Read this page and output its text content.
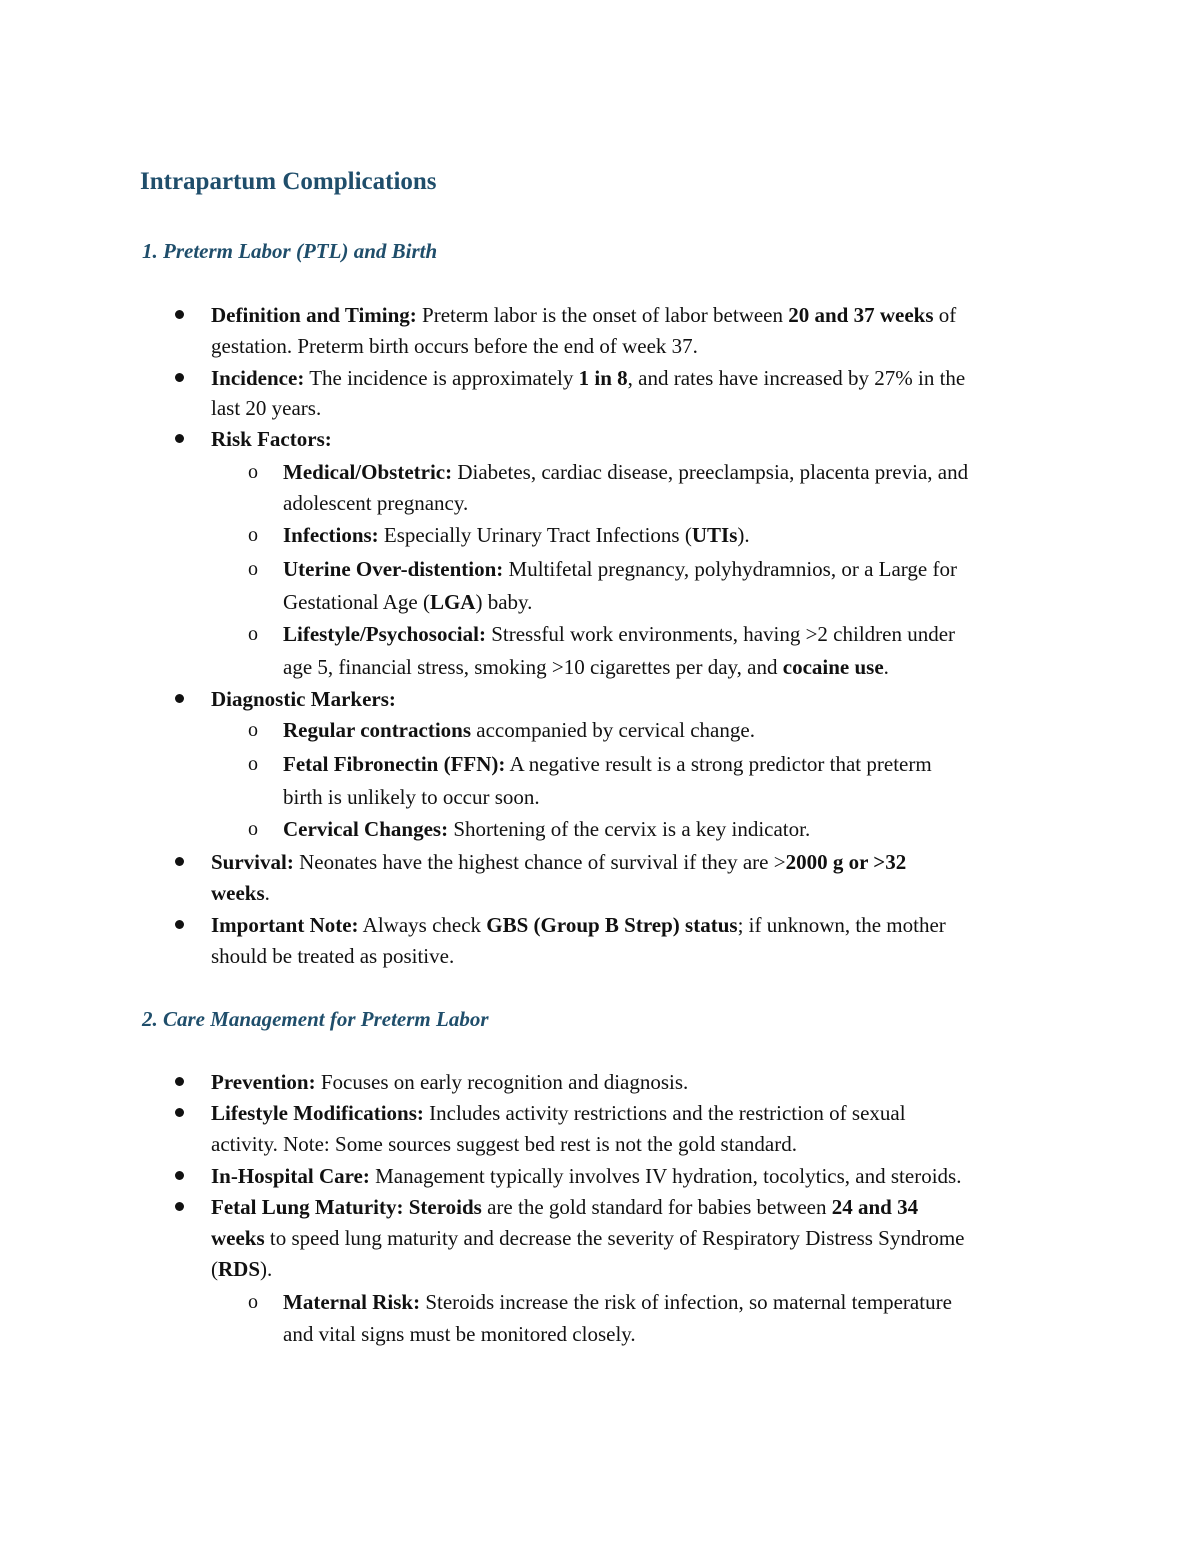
Intrapartum Complications
1. Preterm Labor (PTL) and Birth
Definition and Timing: Preterm labor is the onset of labor between 20 and 37 weeks of
gestation. Preterm birth occurs before the end of week 37.
Incidence: The incidence is approximately 1 in 8, and rates have increased by 27% in the
last 20 years.
Risk Factors:
o Medical/Obstetric: Diabetes, cardiac disease, preeclampsia, placenta previa, and
adolescent pregnancy.
o Infections: Especially Urinary Tract Infections (UTIs).
o Uterine Over-distention: Multifetal pregnancy, polyhydramnios, or a Large for
Gestational Age (LGA) baby.
o Lifestyle/Psychosocial: Stressful work environments, having >2 children under
age 5, financial stress, smoking >10 cigarettes per day, and cocaine use.
Diagnostic Markers:
o Regular contractions accompanied by cervical change.
o Fetal Fibronectin (FFN): A negative result is a strong predictor that preterm
birth is unlikely to occur soon.
o Cervical Changes: Shortening of the cervix is a key indicator.
Survival: Neonates have the highest chance of survival if they are >2000 g or >32
weeks.
Important Note: Always check GBS (Group B Strep) status; if unknown, the mother
should be treated as positive.
2. Care Management for Preterm Labor
Prevention: Focuses on early recognition and diagnosis.
Lifestyle Modifications: Includes activity restrictions and the restriction of sexual
activity. Note: Some sources suggest bed rest is not the gold standard.
In-Hospital Care: Management typically involves IV hydration, tocolytics, and steroids.
Fetal Lung Maturity: Steroids are the gold standard for babies between 24 and 34
weeks to speed lung maturity and decrease the severity of Respiratory Distress Syndrome
(RDS).
o Maternal Risk: Steroids increase the risk of infection, so maternal temperature
and vital signs must be monitored closely.
